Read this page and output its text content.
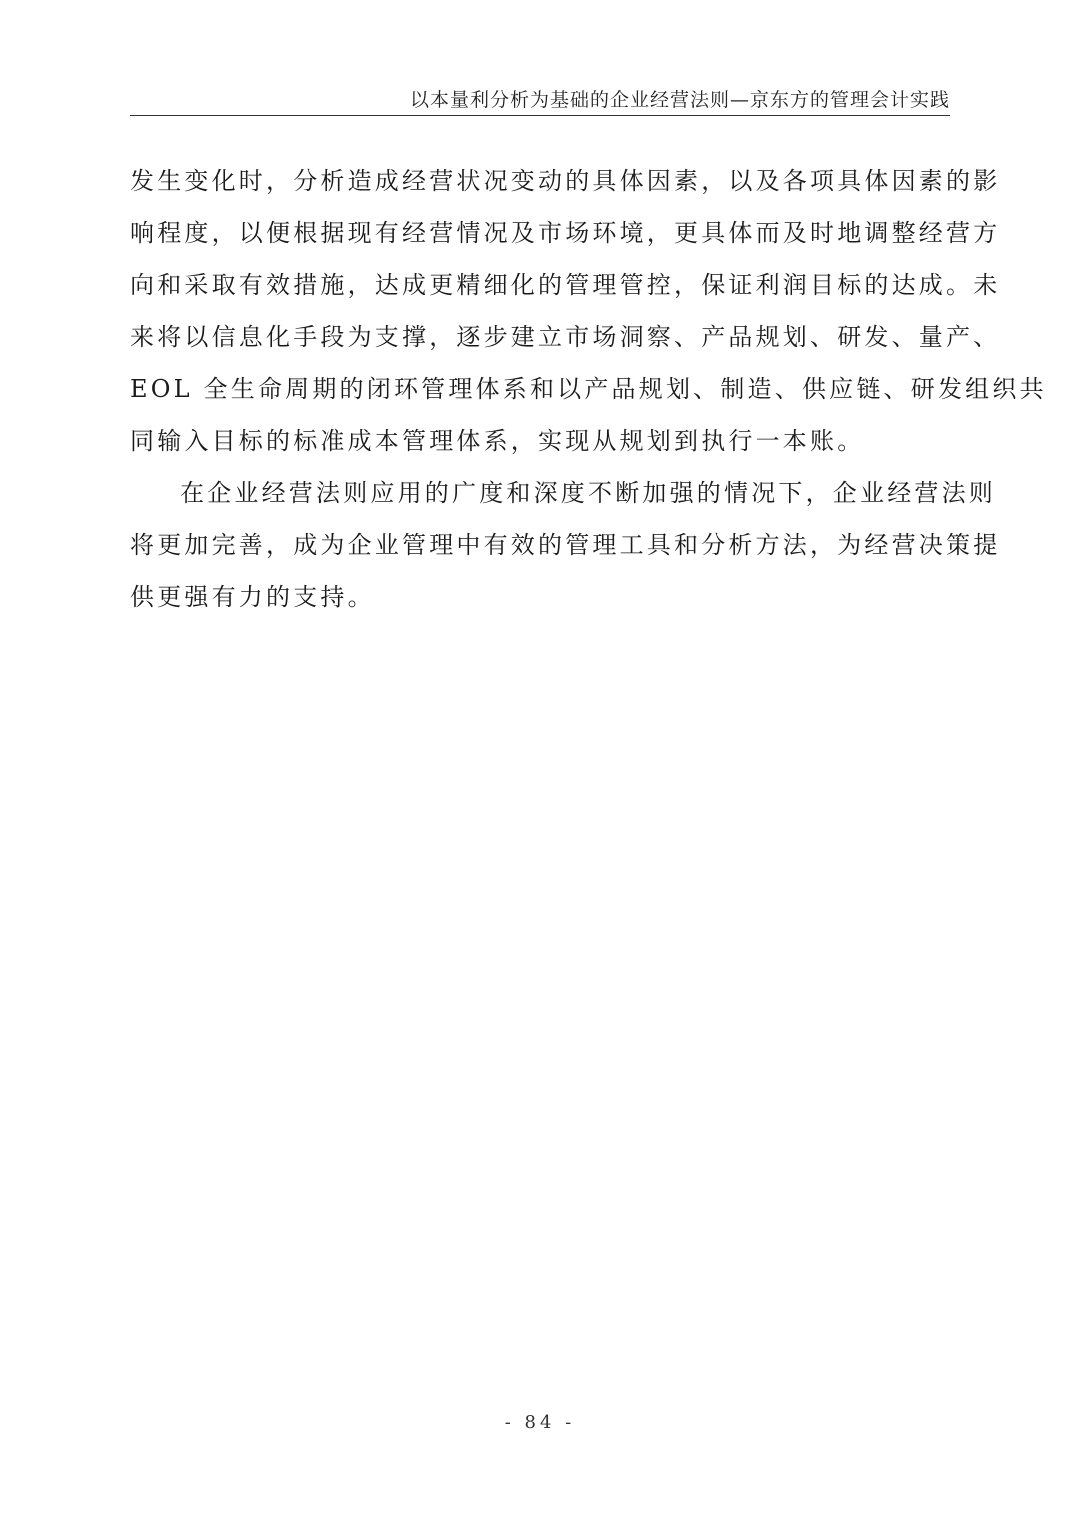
以本量利分析为基础的企业经营法则—京东方的管理会计实践
发生变化时，分析造成经营状况变动的具体因素，以及各项具体因素的影
响程度，以便根据现有经营情况及市场环境，更具体而及时地调整经营方
向和采取有效措施，达成更精细化的管理管控，保证利润目标的达成。未
来将以信息化手段为支撑，逐步建立市场洞察、产品规划、研发、量产、
EOL 全生命周期的闭环管理体系和以产品规划、制造、供应链、研发组织共
同输入目标的标准成本管理体系，实现从规划到执行一本账。
在企业经营法则应用的广度和深度不断加强的情况下，企业经营法则
将更加完善，成为企业管理中有效的管理工具和分析方法，为经营决策提
供更强有力的支持。
- 84 -
